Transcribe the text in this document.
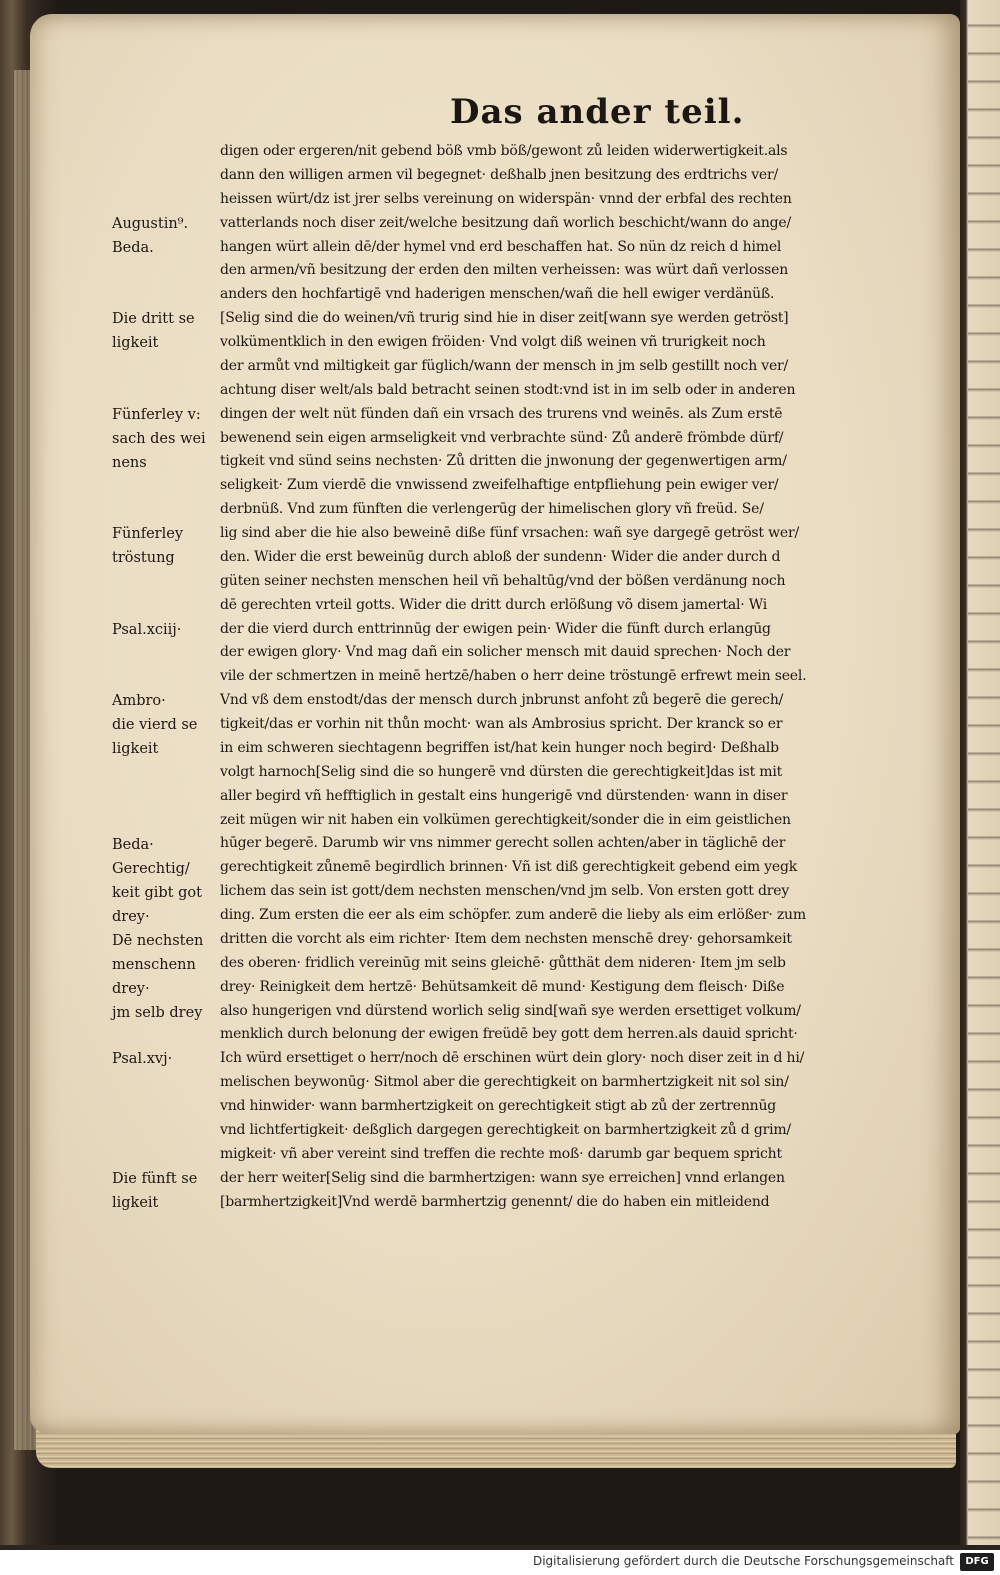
Das ander teil.
digen oder ergeren/nit gebend böß vmb böß/gewont zů leiden widerwertigkeit.als
dann den willigen armen vil begegnet· deßhalb jnen besitzung des erdtrichs ver/
heissen würt/dz ist jrer selbs vereinung on widerspän· vnnd der erbfal des rechten
vatterlands noch diser zeit/welche besitzung dañ worlich beschicht/wann do ange/
hangen würt allein dē/der hymel vnd erd beschaffen hat. So nün dz reich d himel
den armen/vñ besitzung der erden den milten verheissen: was würt dañ verlossen
anders den hochfartigē vnd haderigen menschen/wañ die hell ewiger verdänüß.
[Selig sind die do weinen/vñ trurig sind hie in diser zeit[wann sye werden getröst]
volkümentklich in den ewigen fröiden· Vnd volgt diß weinen vñ trurigkeit noch
der armůt vnd miltigkeit gar füglich/wann der mensch in jm selb gestillt noch ver/
achtung diser welt/als bald betracht seinen stodt:vnd ist in im selb oder in anderen
dingen der welt nüt fünden dañ ein vrsach des trurens vnd weinēs. als Zum erstē
bewenend sein eigen armseligkeit vnd verbrachte sünd· Zů anderē frömbde dürf/
tigkeit vnd sünd seins nechsten· Zů dritten die jnwonung der gegenwertigen arm/
seligkeit· Zum vierdē die vnwissend zweifelhaftige entpfliehung pein ewiger ver/
derbnüß. Vnd zum fünften die verlengerūg der himelischen glory vñ freüd. Se/
lig sind aber die hie also beweinē diße fünf vrsachen: wañ sye dargegē getröst wer/
den. Wider die erst beweinūg durch abloß der sundenn· Wider die ander durch d
güten seiner nechsten menschen heil vñ behaltūg/vnd der bößen verdänung noch
dē gerechten vrteil gotts. Wider die dritt durch erlößung võ disem jamertal· Wi
der die vierd durch enttrinnūg der ewigen pein· Wider die fünft durch erlangūg
der ewigen glory· Vnd mag dañ ein solicher mensch mit dauid sprechen· Noch der
vile der schmertzen in meinē hertzē/haben o herr deine tröstungē erfrewt mein seel.
Vnd vß dem enstodt/das der mensch durch jnbrunst anfoht zů begerē die gerech/
tigkeit/das er vorhin nit thůn mocht· wan als Ambrosius spricht. Der kranck so er
in eim schweren siechtagenn begriffen ist/hat kein hunger noch begird· Deßhalb
volgt harnoch[Selig sind die so hungerē vnd dürsten die gerechtigkeit]das ist mit
aller begird vñ hefftiglich in gestalt eins hungerigē vnd dürstenden· wann in diser
zeit mügen wir nit haben ein volkümen gerechtigkeit/sonder die in eim geistlichen
hūger begerē. Darumb wir vns nimmer gerecht sollen achten/aber in täglichē der
gerechtigkeit zůnemē begirdlich brinnen· Vñ ist diß gerechtigkeit gebend eim yegk
lichem das sein ist gott/dem nechsten menschen/vnd jm selb. Von ersten gott drey
ding. Zum ersten die eer als eim schöpfer. zum anderē die lieby als eim erlößer· zum
dritten die vorcht als eim richter· Item dem nechsten menschē drey· gehorsamkeit
des oberen· fridlich vereinūg mit seins gleichē· gůtthät dem nideren· Item jm selb
drey· Reinigkeit dem hertzē· Behütsamkeit dē mund· Kestigung dem fleisch· Diße
also hungerigen vnd dürstend worlich selig sind[wañ sye werden ersettiget volkum/
menklich durch belonung der ewigen freüdē bey gott dem herren.als dauid spricht·
Ich würd ersettiget o herr/noch dē erschinen würt dein glory· noch diser zeit in d hi/
melischen beywonūg· Sitmol aber die gerechtigkeit on barmhertzigkeit nit sol sin/
vnd hinwider· wann barmhertzigkeit on gerechtigkeit stigt ab zů der zertrennūg
vnd lichtfertigkeit· deßglich dargegen gerechtigkeit on barmhertzigkeit zů d grim/
migkeit· vñ aber vereint sind treffen die rechte moß· darumb gar bequem spricht
der herr weiter[Selig sind die barmhertzigen: wann sye erreichen] vnnd erlangen
[barmhertzigkeit]Vnd werdē barmhertzig genennt/ die do haben ein mitleidend
Augustin⁹.
Beda.
Die dritt se
ligkeit
Fünferley v:
sach des wei
nens
Fünferley
tröstung
Psal.xciij·
Ambro·
die vierd se
ligkeit
Beda·
Gerechtig/
keit gibt got
drey·
Dē nechsten
menschenn
drey·
jm selb drey
Psal.xvj·
Die fünft se
ligkeit
Digitalisierung gefördert durch die Deutsche Forschungsgemeinschaft	DFG
